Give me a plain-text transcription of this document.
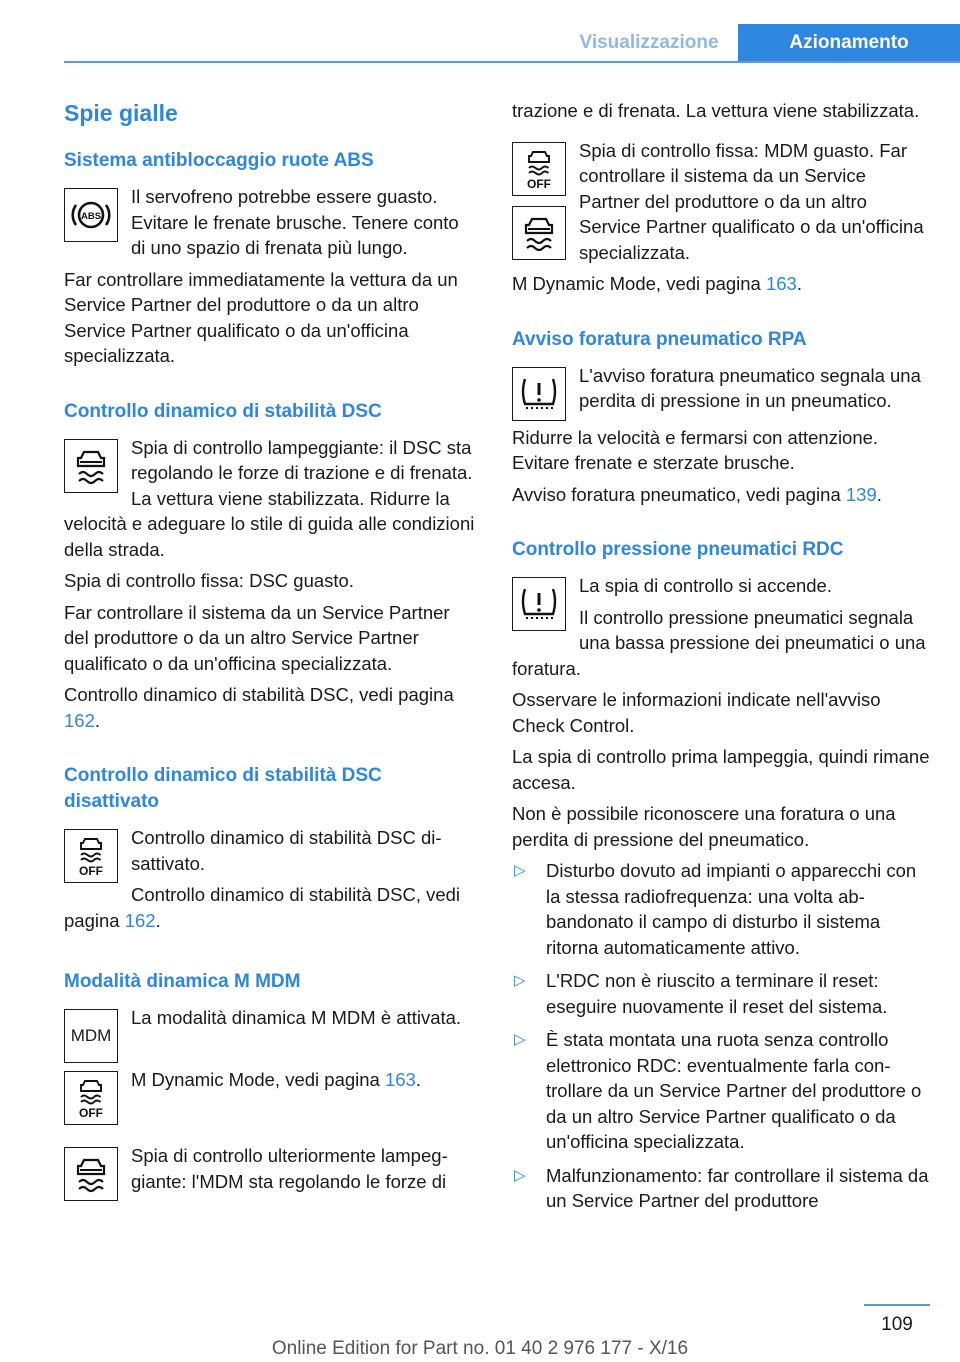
Visualizzazione	Azionamento
Spie gialle
Sistema antibloccaggio ruote ABS
ABS

Il servofreno potrebbe essere guasto. Evitare le frenate brusche. Tenere conto di uno spazio di frenata più lungo.

Far controllare immediatamente la vettura da un Service Partner del produttore o da un altro Service Partner qualificato o da un'officina specializzata.

Controllo dinamico di stabilità DSC

Spia di controllo lampeggiante: il DSC sta regolando le forze di trazione e di frenata. La vettura viene stabilizzata. Ridurre la velocità e adeguare lo stile di guida alle condizioni della strada.

Spia di controllo fissa: DSC guasto.

Far controllare il sistema da un Service Partner del produttore o da un altro Service Partner qualificato o da un'officina specializzata.

Controllo dinamico di stabilità DSC, vedi pagina 162.

Controllo dinamico di stabilità DSC disattivato
OFF

Controllo dinamico di stabilità DSC disattivato.

Controllo dinamico di stabilità DSC, vedi pagina 162.

Modalità dinamica M MDM
MDM

La modalità dinamica M MDM è attivata.

OFF

M Dynamic Mode, vedi pagina 163.

Spia di controllo ulteriormente lampeggiante: l'MDM sta regolando le forze di

trazione e di frenata. La vettura viene stabilizzata.

OFF

Spia di controllo fissa: MDM guasto. Far controllare il sistema da un Service Partner del produttore o da un altro Service Partner qualificato o da un'officina specializzata.

M Dynamic Mode, vedi pagina 163.

Avviso foratura pneumatico RPA

L'avviso foratura pneumatico segnala una perdita di pressione in un pneumatico.

Ridurre la velocità e fermarsi con attenzione. Evitare frenate e sterzate brusche.

Avviso foratura pneumatico, vedi pagina 139.

Controllo pressione pneumatici RDC

La spia di controllo si accende.

Il controllo pressione pneumatici segnala una bassa pressione dei pneumatici o una foratura.

Osservare le informazioni indicate nell'avviso Check Control.

La spia di controllo prima lampeggia, quindi rimane accesa.

Non è possibile riconoscere una foratura o una perdita di pressione del pneumatico.

▷ Disturbo dovuto ad impianti o apparecchi con la stessa radiofrequenza: una volta abbandonato il campo di disturbo il sistema ritorna automaticamente attivo.
▷ L'RDC non è riuscito a terminare il reset: eseguire nuovamente il reset del sistema.
▷ È stata montata una ruota senza controllo elettronico RDC: eventualmente farla controllare da un Service Partner del produttore o da un altro Service Partner qualificato o da un'officina specializzata.
▷ Malfunzionamento: far controllare il sistema da un Service Partner del produttore
109
Online Edition for Part no. 01 40 2 976 177 - X/16
